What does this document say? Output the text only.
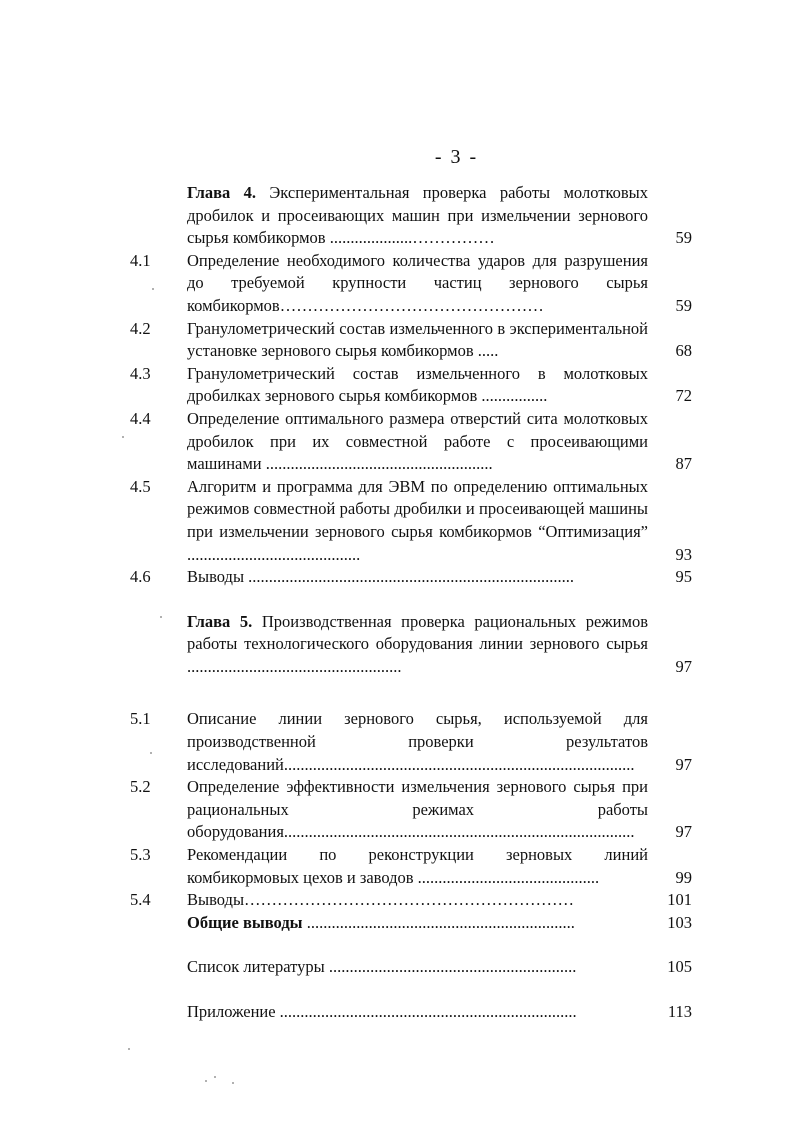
- 3 -
Глава 4. Экспериментальная проверка работы молотковых дробилок и просеивающих машин при измельчении зернового сырья комбикормов ....................……………	59
4.1	Определение необходимого количества ударов для разрушения до требуемой крупности частиц зернового сырья комбикормов…………………………………………	59
4.2	Гранулометрический состав измельченного в экспериментальной установке зернового сырья комбикормов .....	68
4.3	Гранулометрический состав измельченного в молотковых дробилках зернового сырья комбикормов ................	72
4.4	Определение оптимального размера отверстий сита молотковых дробилок при их совместной работе с просеивающими машинами .......................................................	87
4.5	Алгоритм и программа для ЭВМ по определению оптимальных режимов совместной работы дробилки и просеивающей машины при измельчении зернового сырья комбикормов “Оптимизация” ..........................................	93
4.6	Выводы ...............................................................................	95
Глава 5. Производственная проверка рациональных режимов работы технологического оборудования линии зернового сырья ....................................................	97
5.1	Описание линии зернового сырья, используемой для производственной проверки результатов исследований.....................................................................................	97
5.2	Определение эффективности измельчения зернового сырья при рациональных режимах работы оборудования.....................................................................................	97
5.3	Рекомендации по реконструкции зерновых линий комбикормовых цехов и заводов ............................................	99
5.4	Выводы……………………………………………………	101
Общие выводы .................................................................	103
Список литературы ............................................................	105
Приложение ........................................................................	113
